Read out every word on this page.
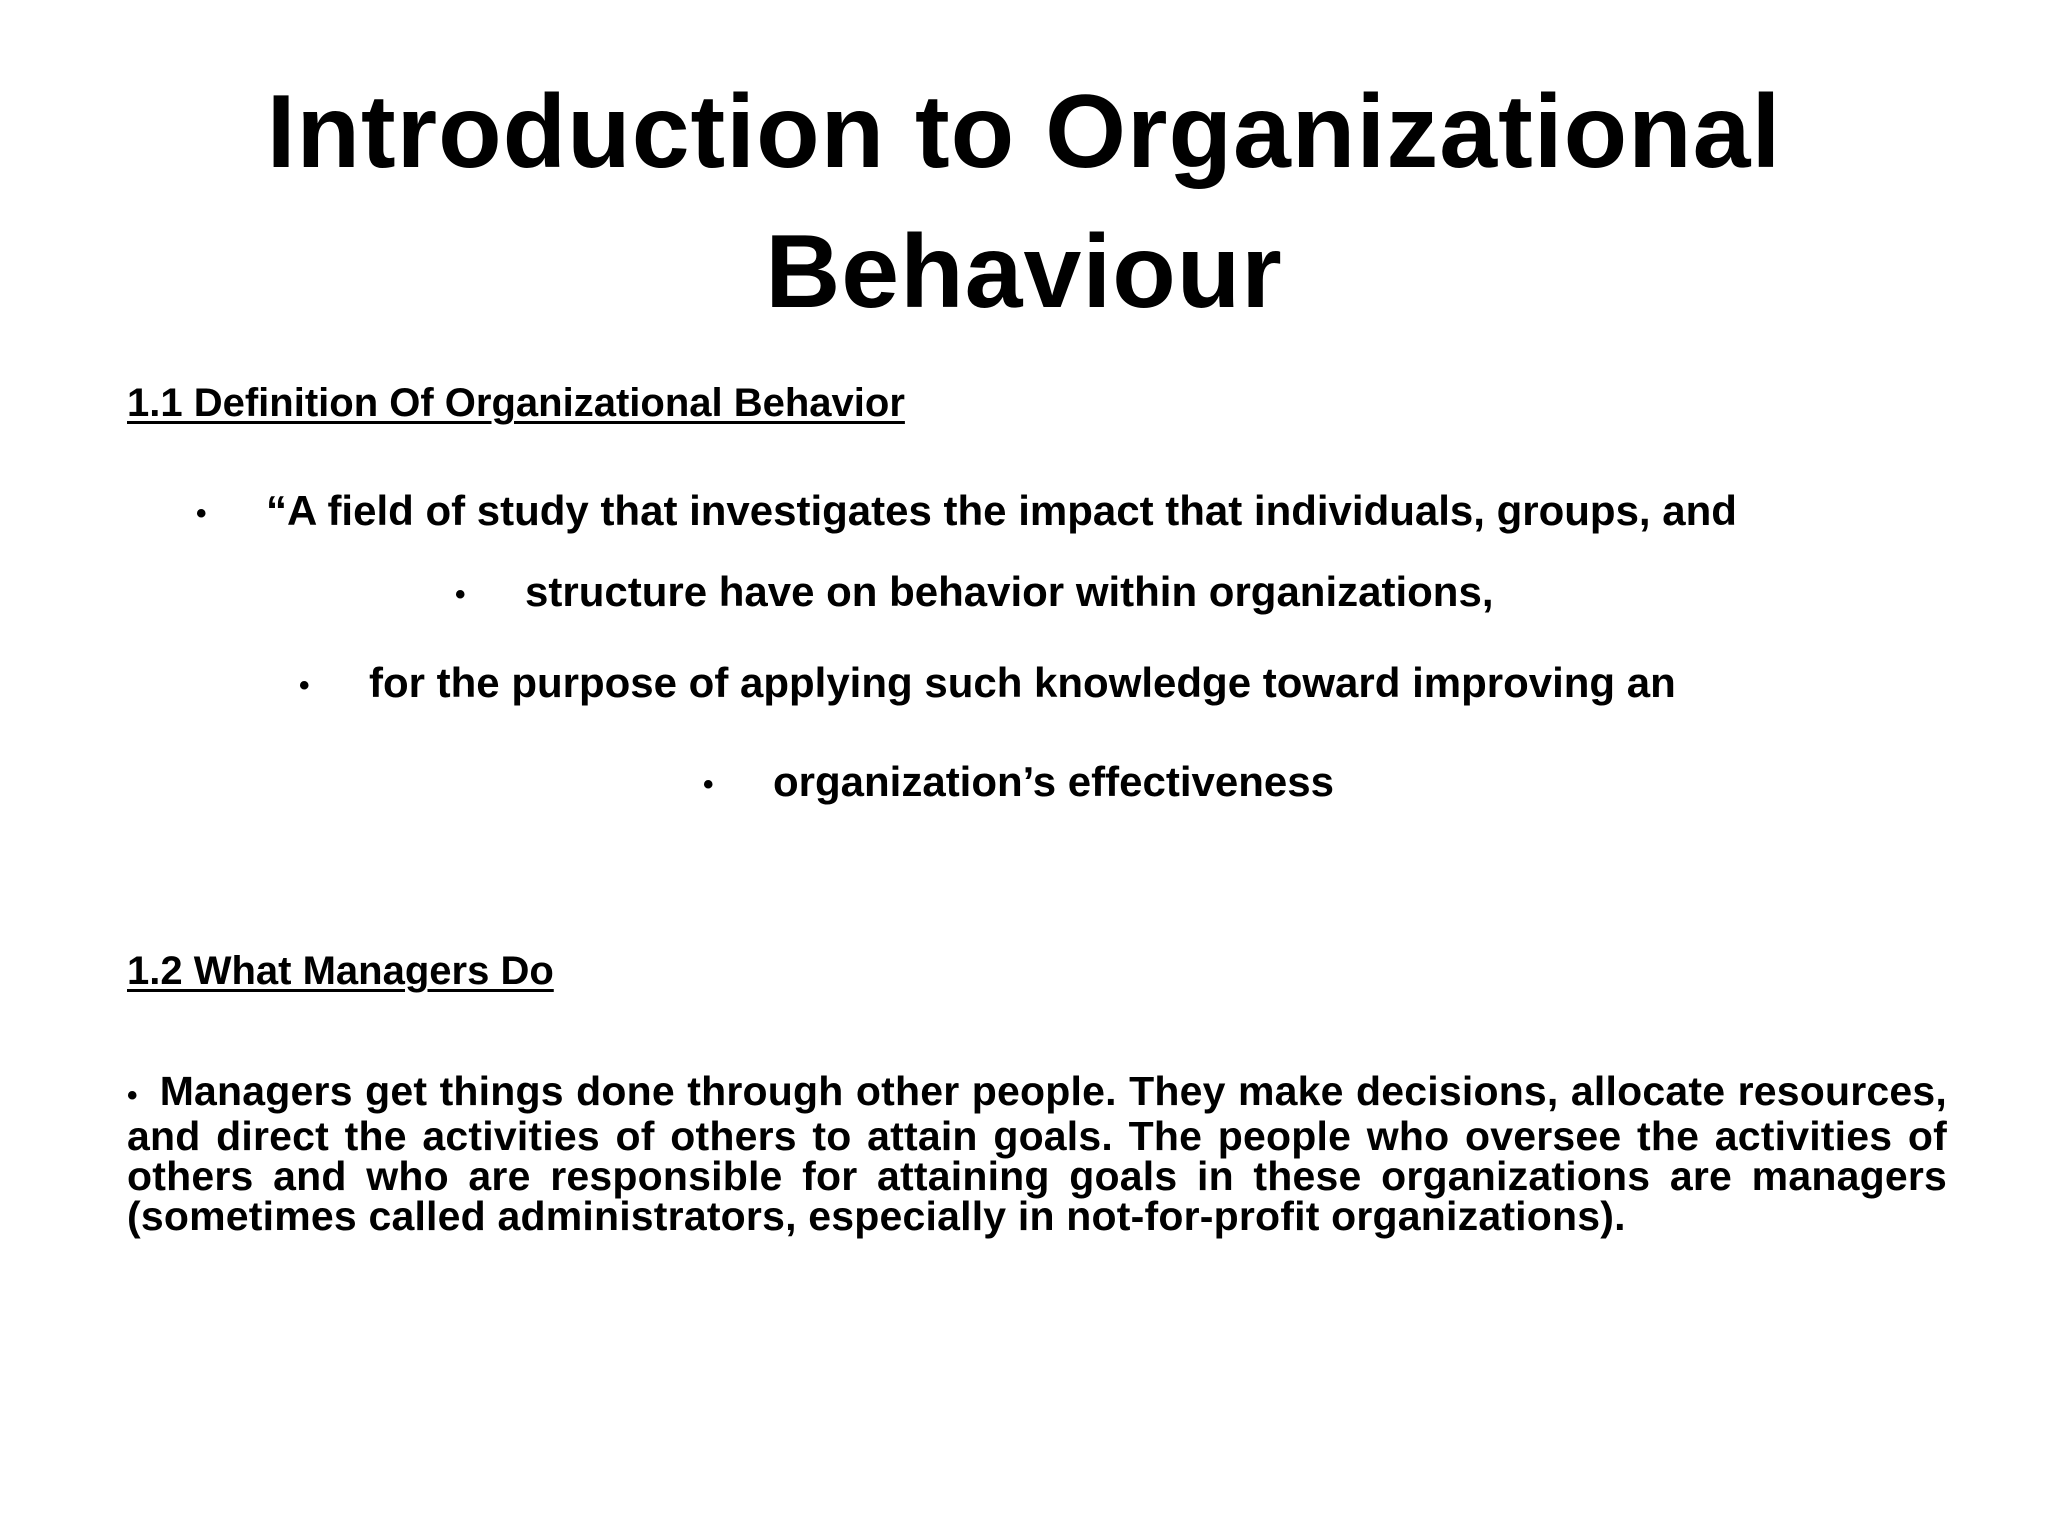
Introduction to Organizational
Behaviour
1.1 Definition Of Organizational Behavior
• “A field of study that investigates the impact that individuals, groups, and
• structure have on behavior within organizations,
• for the purpose of applying such knowledge toward improving an
• organization’s effectiveness
1.2 What Managers Do
• Managers get things done through other people. They make decisions, allocate resources, and direct the activities of others to attain goals. The people who oversee the activities of others and who are responsible for attaining goals in these organizations are managers (sometimes called administrators, especially in not-for-profit organizations).
